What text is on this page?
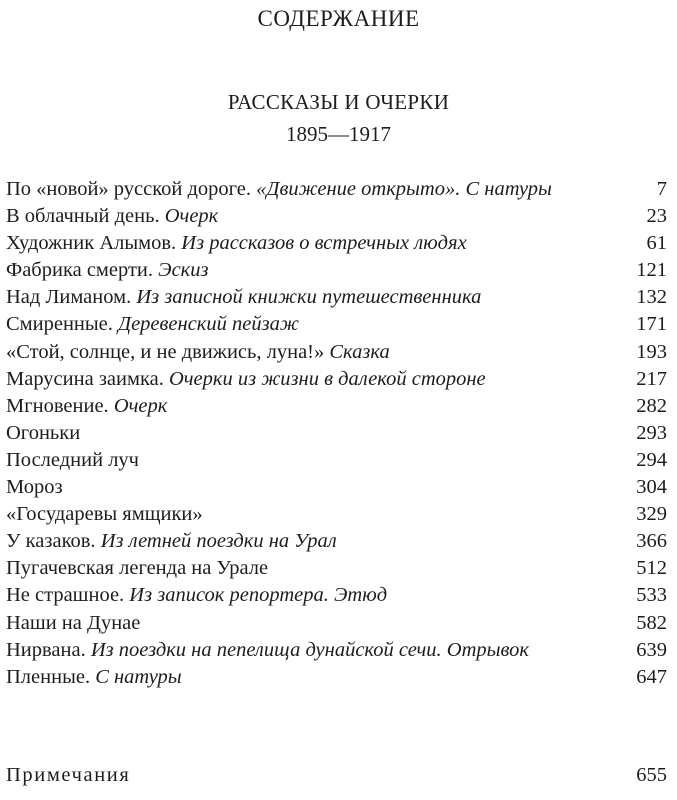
СОДЕРЖАНИЕ
РАССКАЗЫ И ОЧЕРКИ
1895—1917
По «новой» русской дороге. «Движение открыто». С натуры	7
В облачный день. Очерк	23
Художник Алымов. Из рассказов о встречных людях	61
Фабрика смерти. Эскиз	121
Над Лиманом. Из записной книжки путешественника	132
Смиренные. Деревенский пейзаж	171
«Стой, солнце, и не движись, луна!» Сказка	193
Марусина заимка. Очерки из жизни в далекой стороне	217
Мгновение. Очерк	282
Огоньки	293
Последний луч	294
Мороз	304
«Государевы ямщики»	329
У казаков. Из летней поездки на Урал	366
Пугачевская легенда на Урале	512
Не страшное. Из записок репортера. Этюд	533
Наши на Дунае	582
Нирвана. Из поездки на пепелища дунайской сечи. Отрывок	639
Пленные. С натуры	647
Примечания	655
